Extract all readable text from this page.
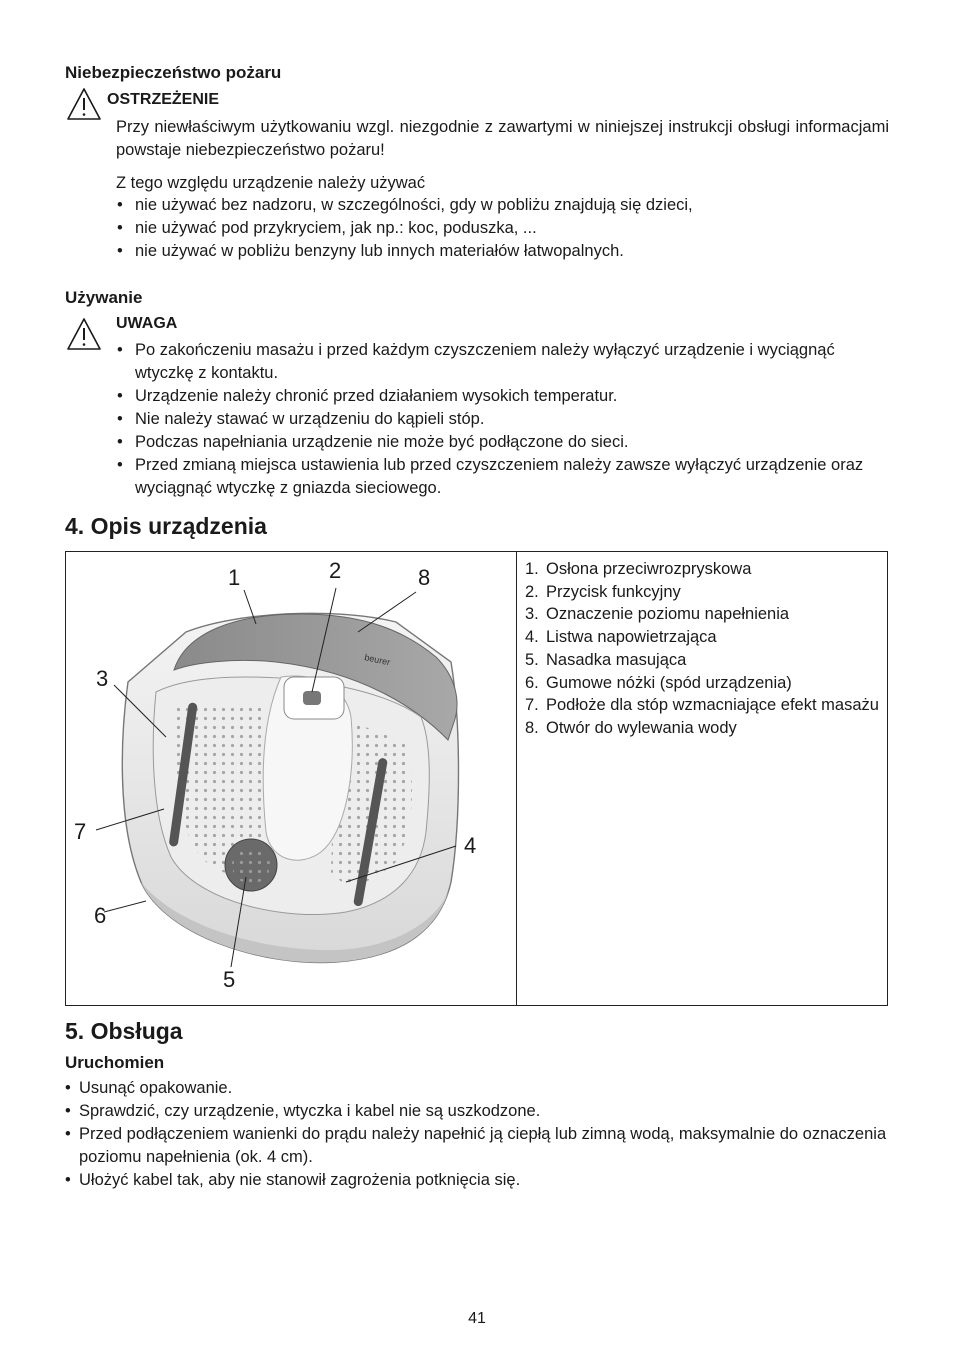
Niebezpieczeństwo pożaru
OSTRZEŻENIE
Przy niewłaściwym użytkowaniu wzgl. niezgodnie z zawartymi w niniejszej instrukcji obsługi informacjami powstaje niebezpieczeństwo pożaru!
Z tego względu urządzenie należy używać
• nie używać bez nadzoru, w szczególności, gdy w pobliżu znajdują się dzieci,
• nie używać pod przykryciem, jak np.: koc, poduszka, ...
• nie używać w pobliżu benzyny lub innych materiałów łatwopalnych.
Używanie
UWAGA
• Po zakończeniu masażu i przed każdym czyszczeniem należy wyłączyć urządzenie i wyciągnąć wtyczkę z kontaktu.
• Urządzenie należy chronić przed działaniem wysokich temperatur.
• Nie należy stawać w urządzeniu do kąpieli stóp.
• Podczas napełniania urządzenie nie może być podłączone do sieci.
• Przed zmianą miejsca ustawienia lub przed czyszczeniem należy zawsze wyłączyć urządzenie oraz wyciągnąć wtyczkę z gniazda sieciowego.
4. Opis urządzenia
beurer
1	2	8
3
7
4
6
5
1. Osłona przeciwrozpryskowa
2. Przycisk funkcyjny
3. Oznaczenie poziomu napełnienia
4. Listwa napowietrzająca
5. Nasadka masująca
6. Gumowe nóżki (spód urządzenia)
7. Podłoże dla stóp wzmacniające efekt masażu
8. Otwór do wylewania wody
5. Obsługa
Uruchomien
• Usunąć opakowanie.
• Sprawdzić, czy urządzenie, wtyczka i kabel nie są uszkodzone.
• Przed podłączeniem wanienki do prądu należy napełnić ją ciepłą lub zimną wodą, maksymalnie do oznaczenia poziomu napełnienia (ok. 4 cm).
• Ułożyć kabel tak, aby nie stanowił zagrożenia potknięcia się.
41
